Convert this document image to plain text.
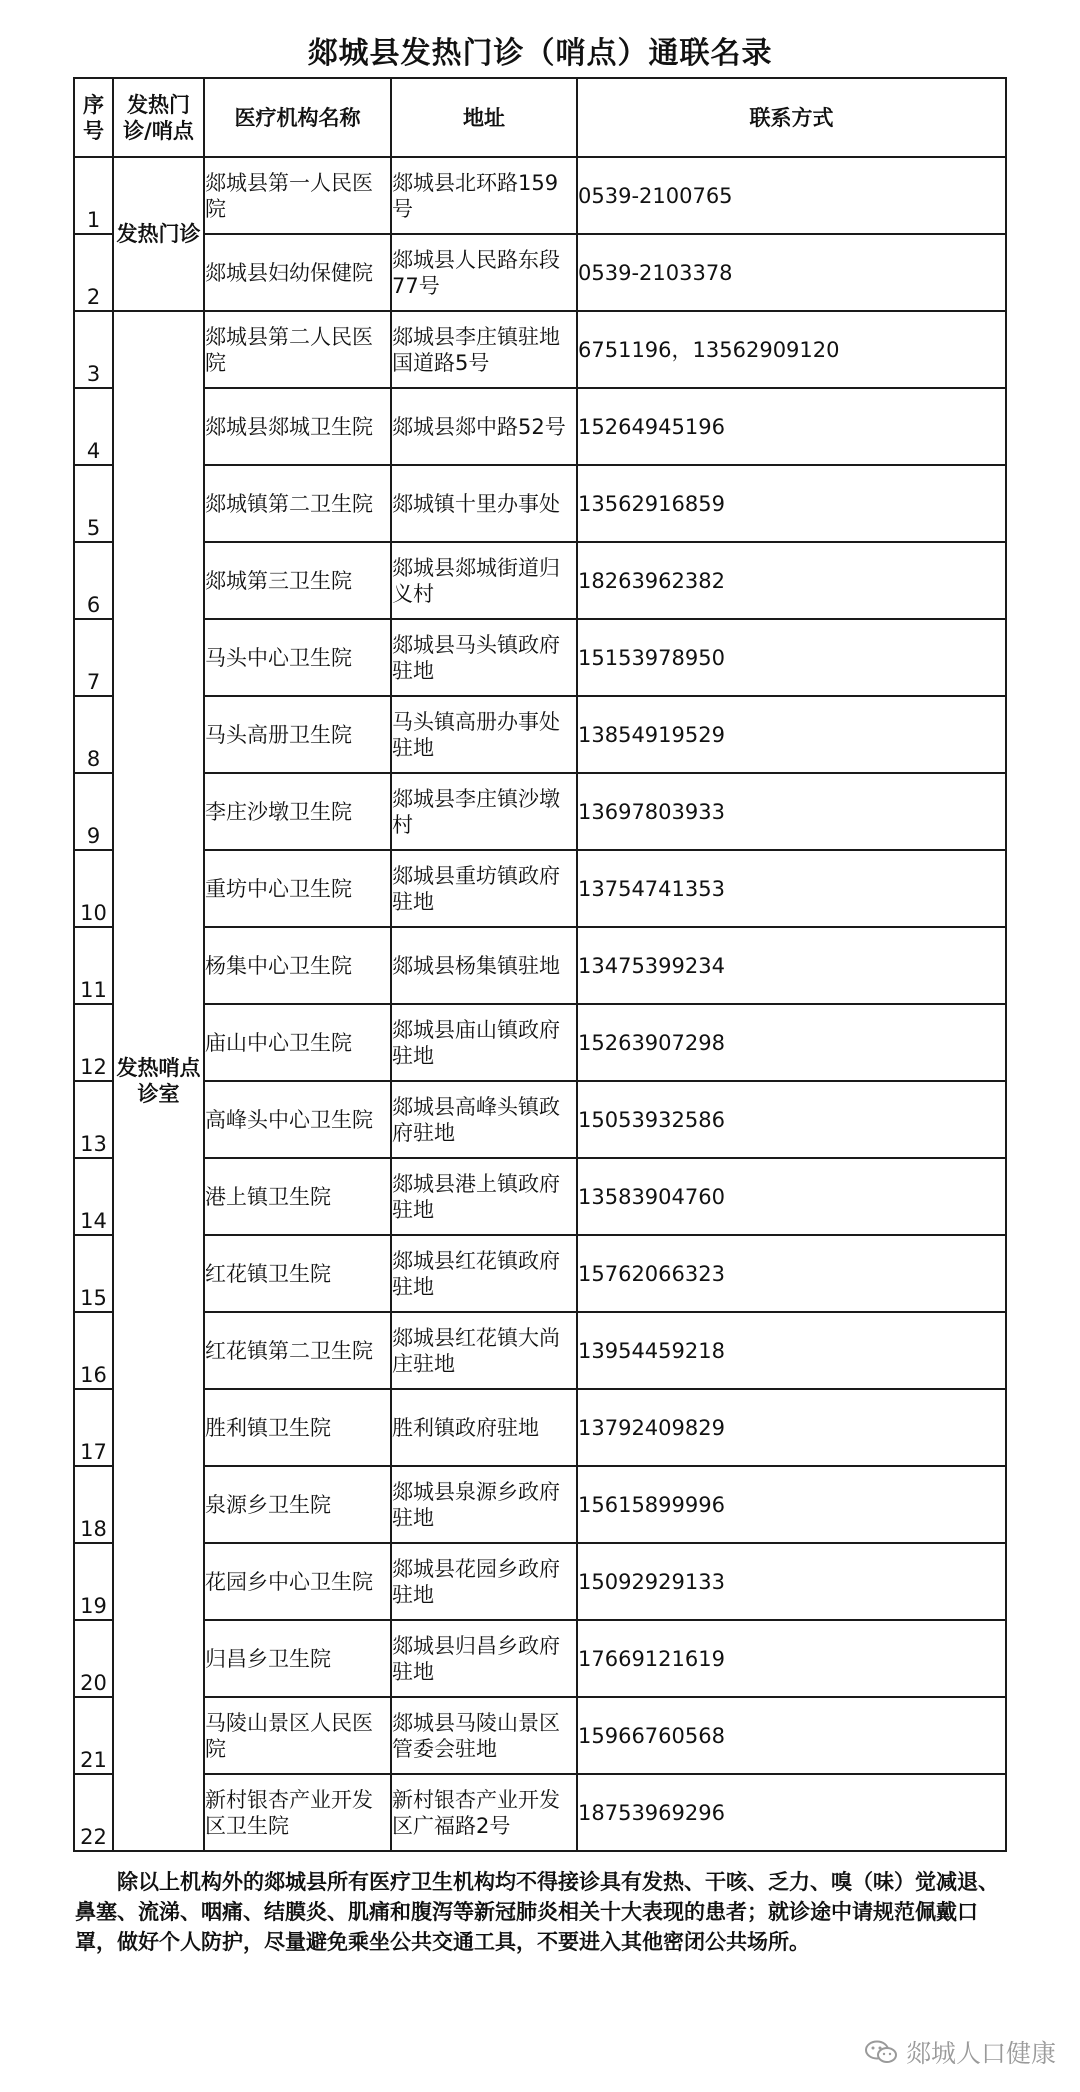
郯城县发热门诊（哨点）通联名录
序号	发热门诊/哨点	医疗机构名称	地址	联系方式
1	发热门诊	郯城县第一人民医院	郯城县北环路159号	0539-2100765
2		郯城县妇幼保健院	郯城县人民路东段77号	0539-2103378
3	发热哨点诊室	郯城县第二人民医院	郯城县李庄镇驻地国道路5号	6751196，13562909120
4		郯城县郯城卫生院	郯城县郯中路52号	15264945196
5		郯城镇第二卫生院	郯城镇十里办事处	13562916859
6		郯城第三卫生院	郯城县郯城街道归义村	18263962382
7		马头中心卫生院	郯城县马头镇政府驻地	15153978950
8		马头高册卫生院	马头镇高册办事处驻地	13854919529
9		李庄沙墩卫生院	郯城县李庄镇沙墩村	13697803933
10		重坊中心卫生院	郯城县重坊镇政府驻地	13754741353
11		杨集中心卫生院	郯城县杨集镇驻地	13475399234
12		庙山中心卫生院	郯城县庙山镇政府驻地	15263907298
13		高峰头中心卫生院	郯城县高峰头镇政府驻地	15053932586
14		港上镇卫生院	郯城县港上镇政府驻地	13583904760
15		红花镇卫生院	郯城县红花镇政府驻地	15762066323
16		红花镇第二卫生院	郯城县红花镇大尚庄驻地	13954459218
17		胜利镇卫生院	胜利镇政府驻地	13792409829
18		泉源乡卫生院	郯城县泉源乡政府驻地	15615899996
19		花园乡中心卫生院	郯城县花园乡政府驻地	15092929133
20		归昌乡卫生院	郯城县归昌乡政府驻地	17669121619
21		马陵山景区人民医院	郯城县马陵山景区管委会驻地	15966760568
22		新村银杏产业开发区卫生院	新村银杏产业开发区广福路2号	18753969296
除以上机构外的郯城县所有医疗卫生机构均不得接诊具有发热、干咳、乏力、嗅（味）觉减退、鼻塞、流涕、咽痛、结膜炎、肌痛和腹泻等新冠肺炎相关十大表现的患者；就诊途中请规范佩戴口罩，做好个人防护，尽量避免乘坐公共交通工具，不要进入其他密闭公共场所。
郯城人口健康
